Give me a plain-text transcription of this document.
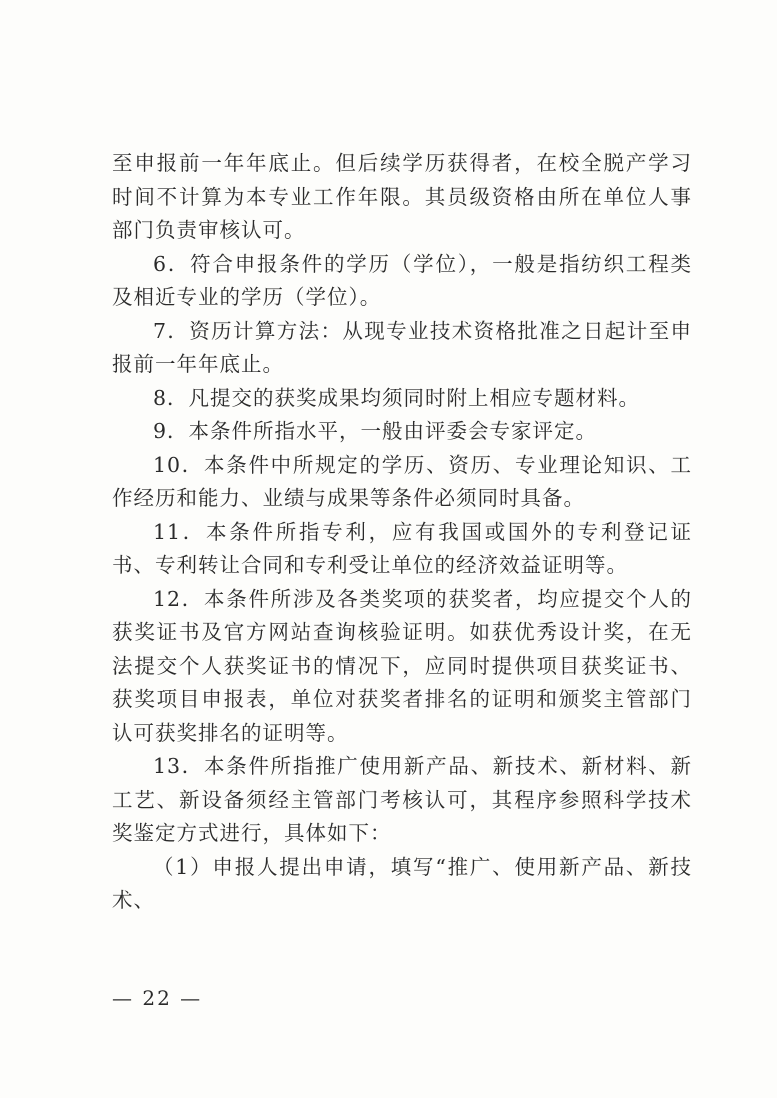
至申报前一年年底止。但后续学历获得者，在校全脱产学习时间不计算为本专业工作年限。其员级资格由所在单位人事部门负责审核认可。

6．符合申报条件的学历（学位），一般是指纺织工程类及相近专业的学历（学位）。

7．资历计算方法：从现专业技术资格批准之日起计至申报前一年年底止。

8．凡提交的获奖成果均须同时附上相应专题材料。

9．本条件所指水平，一般由评委会专家评定。

10．本条件中所规定的学历、资历、专业理论知识、工作经历和能力、业绩与成果等条件必须同时具备。

11．本条件所指专利，应有我国或国外的专利登记证书、专利转让合同和专利受让单位的经济效益证明等。

12．本条件所涉及各类奖项的获奖者，均应提交个人的获奖证书及官方网站查询核验证明。如获优秀设计奖，在无法提交个人获奖证书的情况下，应同时提供项目获奖证书、获奖项目申报表，单位对获奖者排名的证明和颁奖主管部门认可获奖排名的证明等。

13．本条件所指推广使用新产品、新技术、新材料、新工艺、新设备须经主管部门考核认可，其程序参照科学技术奖鉴定方式进行，具体如下：

（1）申报人提出申请，填写“推广、使用新产品、新技术、

— 22 —
